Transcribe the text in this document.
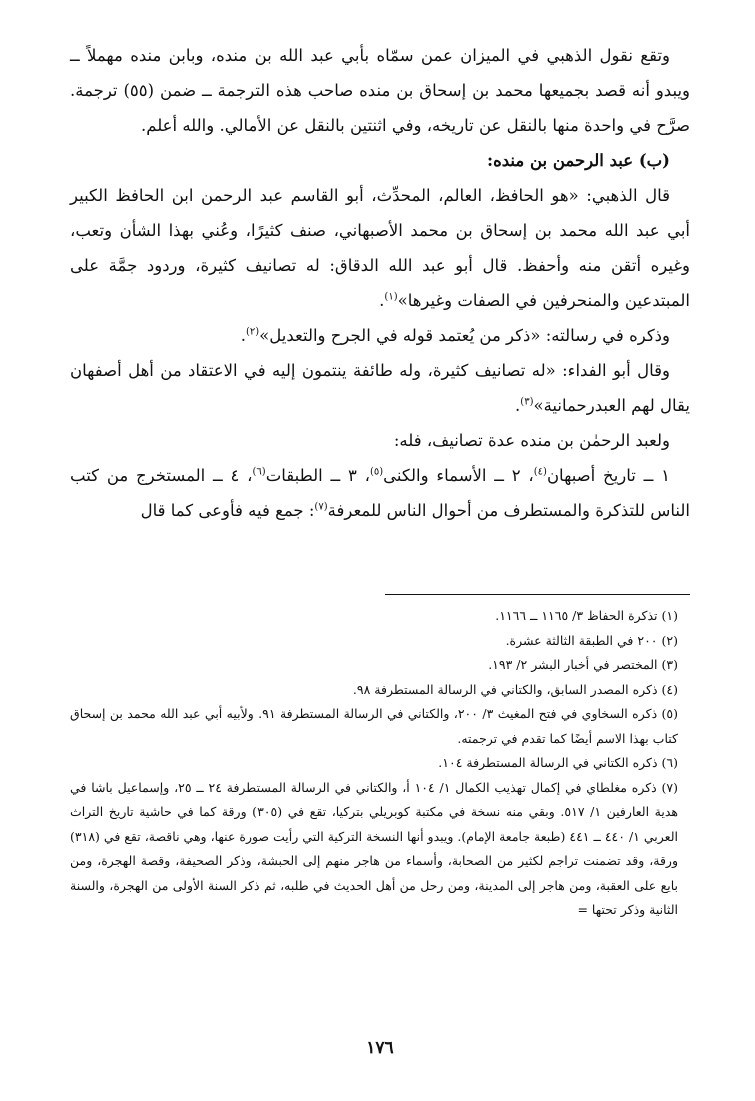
وتقع نقول الذهبي في الميزان عمن سمّاه بأبي عبد الله بن منده، وبابن منده مهملاً ــ ويبدو أنه قصد بجميعها محمد بن إسحاق بن منده صاحب هذه الترجمة ــ ضمن (٥٥) ترجمة. صرَّح في واحدة منها بالنقل عن تاريخه، وفي اثنتين بالنقل عن الأمالي. والله أعلم.

(ب) عبد الرحمن بن منده:

قال الذهبي: «هو الحافظ، العالم، المحدِّث، أبو القاسم عبد الرحمن ابن الحافظ الكبير أبي عبد الله محمد بن إسحاق بن محمد الأصبهاني، صنف كثيرًا، وعُني بهذا الشأن وتعب، وغيره أتقن منه وأحفظ. قال أبو عبد الله الدقاق: له تصانيف كثيرة، وردود جمَّة على المبتدعين والمنحرفين في الصفات وغيرها»$^{(١)}$.

وذكره في رسالته: «ذكر من يُعتمد قوله في الجرح والتعديل»$^{(٢)}$.

وقال أبو الفداء: «له تصانيف كثيرة، وله طائفة ينتمون إليه في الاعتقاد من أهل أصفهان يقال لهم العبدرحمانية»$^{(٣)}$.

ولعبد الرحمٰن بن منده عدة تصانيف، فله:

١ ــ تاريخ أصبهان$^{(٤)}$، ٢ ــ الأسماء والكنى$^{(٥)}$، ٣ ــ الطبقات$^{(٦)}$، ٤ ــ المستخرج من كتب الناس للتذكرة والمستطرف من أحوال الناس للمعرفة$^{(٧)}$: جمع فيه فأوعى كما قال

(١) تذكرة الحفاظ ٣/ ١١٦٥ ــ ١١٦٦.

(٢) ٢٠٠ في الطبقة الثالثة عشرة.

(٣) المختصر في أخبار البشر ٢/ ١٩٣.

(٤) ذكره المصدر السابق، والكتاني في الرسالة المستطرفة ٩٨.

(٥) ذكره السخاوي في فتح المغيث ٣/ ٢٠٠، والكتاني في الرسالة المستطرفة ٩١. ولأبيه أبي عبد الله محمد بن إسحاق كتاب بهذا الاسم أيضًا كما تقدم في ترجمته.

(٦) ذكره الكتاني في الرسالة المستطرفة ١٠٤.

(٧) ذكره مغلطاي في إكمال تهذيب الكمال ١/ ١٠٤ أ، والكتاني في الرسالة المستطرفة ٢٤ ــ ٢٥، وإسماعيل باشا في هدية العارفين ١/ ٥١٧. وبقي منه نسخة في مكتبة كوبريلي بتركيا، تقع في (٣٠٥) ورقة كما في حاشية تاريخ التراث العربي ١/ ٤٤٠ ــ ٤٤١ (طبعة جامعة الإمام). ويبدو أنها النسخة التركية التي رأيت صورة عنها، وهي ناقصة، تقع في (٣١٨) ورقة، وقد تضمنت تراجم لكثير من الصحابة، وأسماء من هاجر منهم إلى الحبشة، وذكر الصحيفة، وقصة الهجرة، ومن بايع على العقبة، ومن هاجر إلى المدينة، ومن رحل من أهل الحديث في طلبه، ثم ذكر السنة الأولى من الهجرة، والسنة الثانية وذكر تحتها =

١٧٦
